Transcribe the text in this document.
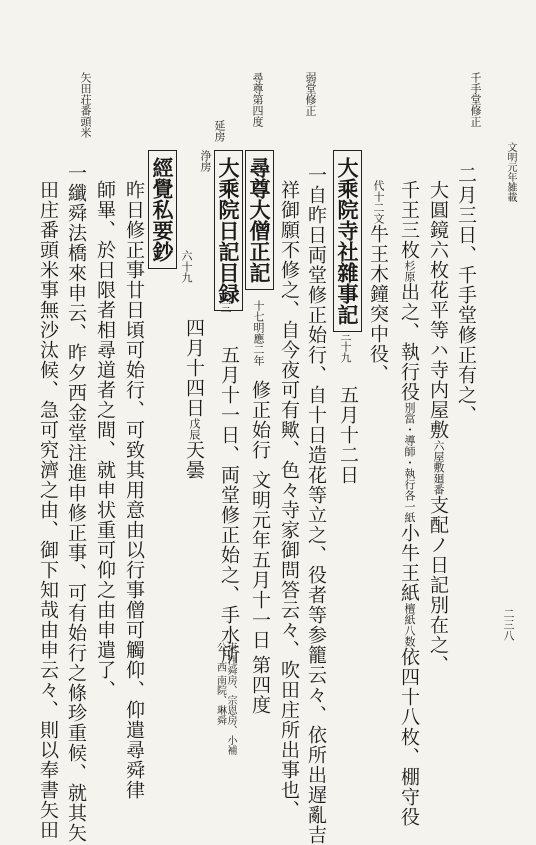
文明元年雑載
二三八
千手堂修正
弱堂修正
尋尊第四度
矢田荘番頭米
二月三日、千手堂修正有之、
大圓鏡六枚花平等ハ寺内屋敷六屋敷廻番支配ノ日記別在之、
千王三枚杉原出之、執行役別當・導師・執行各一紙小牛王紙檀紙八数依四十八枚、棚守役
代十二文牛王木鐘突中役、
大乘院寺社雜事記
三十九
五月十二日
一自昨日両堂修正始行、自十日造花等立之、役者等参籠云々、依所出遅亂吉
祥御願不修之、自今夜可有歟、色々寺家御問答云々、吹田庄所出事也、
尋尊大僧正記
十七明應二年
修正始行
文明元年五月十一日
第四度
大乘院日記目録
三
五月十一日、両堂修正始之、手水所
東 性舜房、宗恩房、小補公、西 南院、琳舜
浄房
延房
經覺私要鈔
六十九
四月十四日戊辰天曇
昨日修正事廿日頃可始行、可致其用意由以行事僧可觸仰、仰遣尋舜律
師畢、於日限者相尋道者之間、就申状重可仰之由申遣了、
一纖舜法橋來申云、昨夕西金堂注進申修正事、可有始行之條珍重候、就其矢
田庄番頭米事無沙汰候、急可究濟之由、御下知哉由申云々、則以奉書矢田
